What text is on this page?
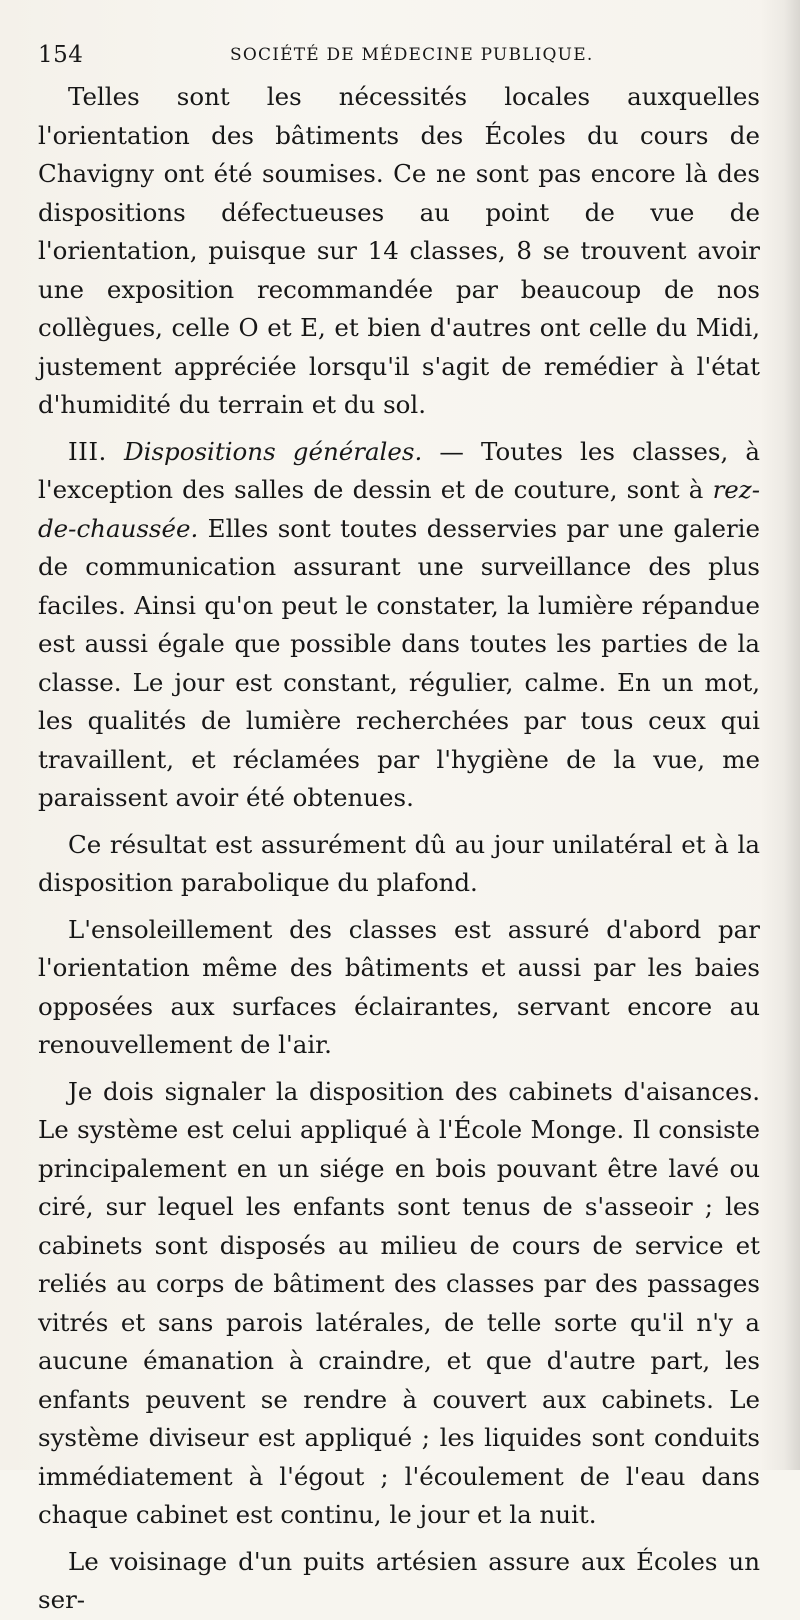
154	SOCIÉTÉ DE MÉDECINE PUBLIQUE.

Telles sont les nécessités locales auxquelles l'orientation des bâtiments des Écoles du cours de Chavigny ont été soumises. Ce ne sont pas encore là des dispositions défectueuses au point de vue de l'orientation, puisque sur 14 classes, 8 se trouvent avoir une exposition recommandée par beaucoup de nos collègues, celle O et E, et bien d'autres ont celle du Midi, justement appréciée lorsqu'il s'agit de remédier à l'état d'humidité du terrain et du sol.

III. Dispositions générales. — Toutes les classes, à l'exception des salles de dessin et de couture, sont à rez-de-chaussée. Elles sont toutes desservies par une galerie de communication assurant une surveillance des plus faciles. Ainsi qu'on peut le constater, la lumière répandue est aussi égale que possible dans toutes les parties de la classe. Le jour est constant, régulier, calme. En un mot, les qualités de lumière recherchées par tous ceux qui travaillent, et réclamées par l'hygiène de la vue, me paraissent avoir été obtenues.

Ce résultat est assurément dû au jour unilatéral et à la disposition parabolique du plafond.

L'ensoleillement des classes est assuré d'abord par l'orientation même des bâtiments et aussi par les baies opposées aux surfaces éclairantes, servant encore au renouvellement de l'air.

Je dois signaler la disposition des cabinets d'aisances. Le système est celui appliqué à l'École Monge. Il consiste principalement en un siége en bois pouvant être lavé ou ciré, sur lequel les enfants sont tenus de s'asseoir ; les cabinets sont disposés au milieu de cours de service et reliés au corps de bâtiment des classes par des passages vitrés et sans parois latérales, de telle sorte qu'il n'y a aucune émanation à craindre, et que d'autre part, les enfants peuvent se rendre à couvert aux cabinets. Le système diviseur est appliqué ; les liquides sont conduits immédiatement à l'égout ; l'écoulement de l'eau dans chaque cabinet est continu, le jour et la nuit.

Le voisinage d'un puits artésien assure aux Écoles un ser-
